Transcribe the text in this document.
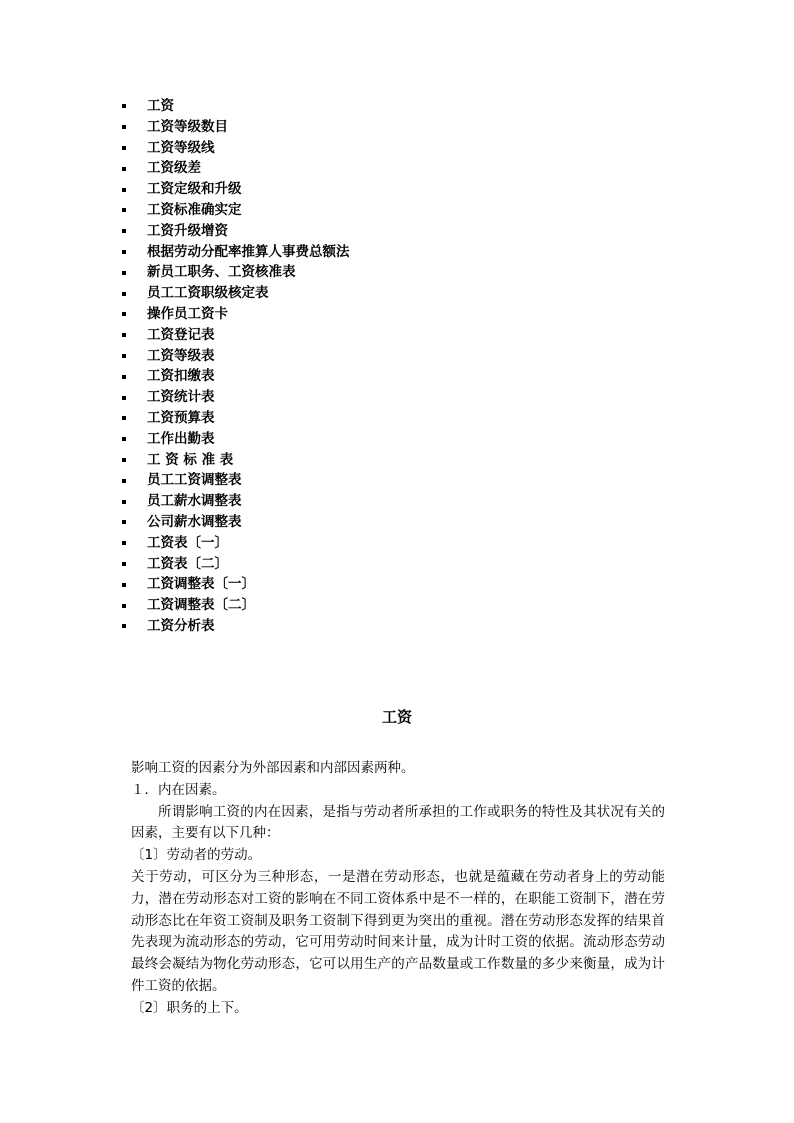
工资
工资等级数目
工资等级线
工资级差
工资定级和升级
工资标准确实定
工资升级增资
根据劳动分配率推算人事费总额法
新员工职务、工资核准表
员工工资职级核定表
操作员工资卡
工资登记表
工资等级表
工资扣缴表
工资统计表
工资预算表
工作出勤表
工 资 标 准 表
员工工资调整表
员工薪水调整表
公司薪水调整表
工资表〔一〕
工资表〔二〕
工资调整表〔一〕
工资调整表〔二〕
工资分析表
工资

影响工资的因素分为外部因素和内部因素两种。

１．内在因素。

所谓影响工资的内在因素，是指与劳动者所承担的工作或职务的特性及其状况有关的因素，主要有以下几种：

〔1〕劳动者的劳动。

关于劳动，可区分为三种形态，一是潜在劳动形态，也就是蕴藏在劳动者身上的劳动能力，潜在劳动形态对工资的影响在不同工资体系中是不一样的，在职能工资制下，潜在劳动形态比在年资工资制及职务工资制下得到更为突出的重视。潜在劳动形态发挥的结果首先表现为流动形态的劳动，它可用劳动时间来计量，成为计时工资的依据。流动形态劳动最终会凝结为物化劳动形态，它可以用生产的产品数量或工作数量的多少来衡量，成为计件工资的依据。

〔2〕职务的上下。
